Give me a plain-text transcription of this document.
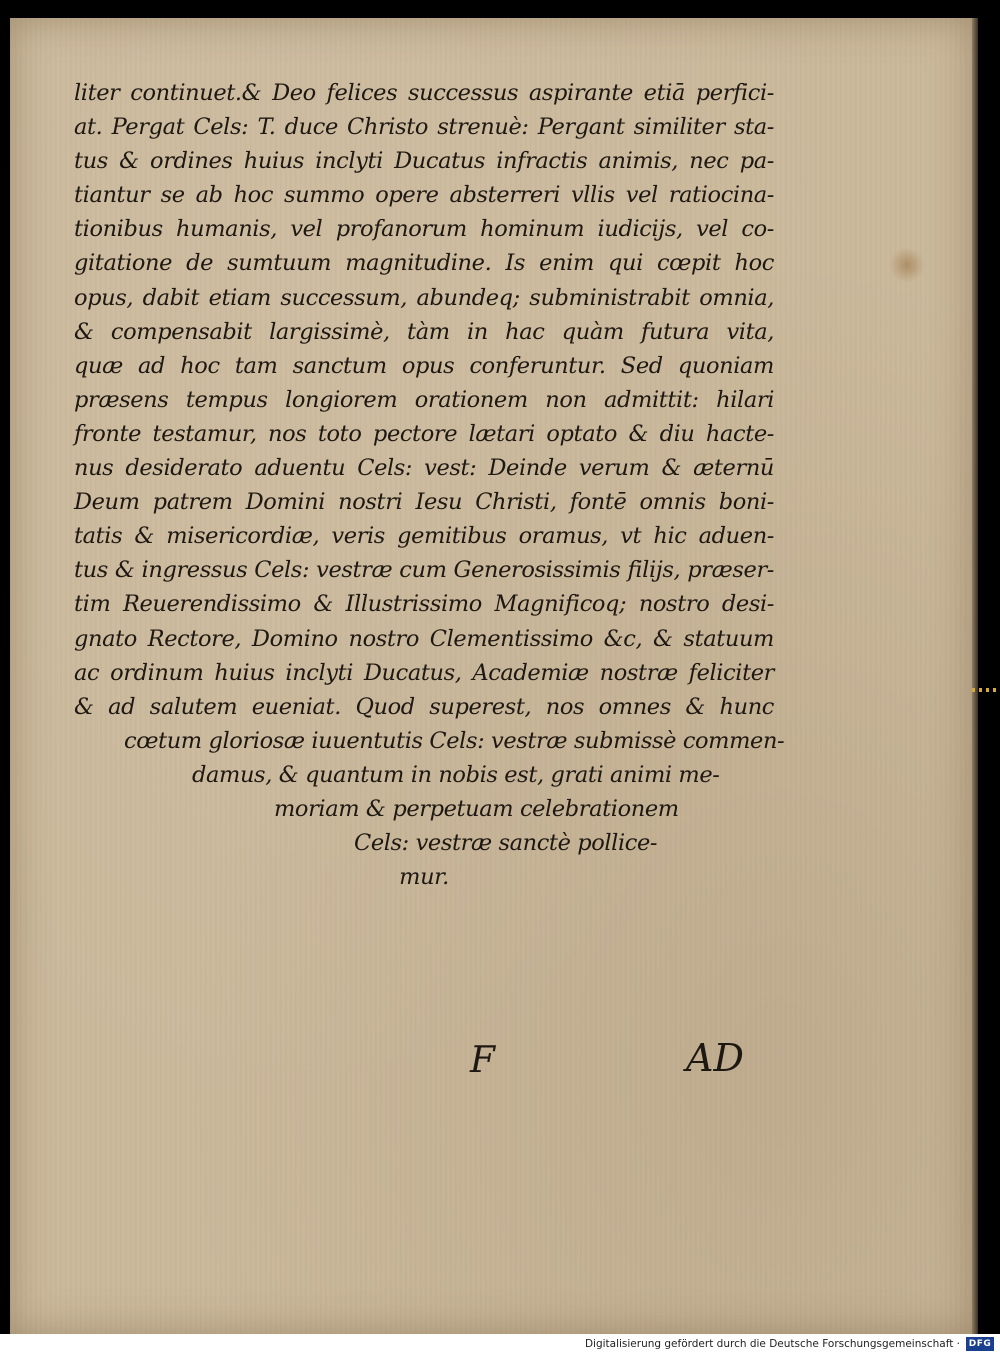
liter continuet.& Deo felices successus aspirante etiā perfici-
at. Pergat Cels: T. duce Christo strenuè: Pergant similiter sta-
tus & ordines huius inclyti Ducatus infractis animis, nec pa-
tiantur se ab hoc summo opere absterreri vllis vel ratiocina-
tionibus humanis, vel profanorum hominum iudicijs, vel co-
gitatione de sumtuum magnitudine. Is enim qui cœpit hoc
opus, dabit etiam successum, abundeq; subministrabit omnia,
& compensabit largissimè, tàm in hac quàm futura vita,
quæ ad hoc tam sanctum opus conferuntur. Sed quoniam
præsens tempus longiorem orationem non admittit: hilari
fronte testamur, nos toto pectore lætari optato & diu hacte-
nus desiderato aduentu Cels: vest: Deinde verum & æternū
Deum patrem Domini nostri Iesu Christi, fontē omnis boni-
tatis & misericordiæ, veris gemitibus oramus, vt hic aduen-
tus & ingressus Cels: vestræ cum Generosissimis filijs, præser-
tim Reuerendissimo & Illustrissimo Magnificoq; nostro desi-
gnato Rectore, Domino nostro Clementissimo &c, & statuum
ac ordinum huius inclyti Ducatus, Academiæ nostræ feliciter
& ad salutem eueniat. Quod superest, nos omnes & hunc
cœtum gloriosæ iuuentutis Cels: vestræ submissè commen-
damus, & quantum in nobis est, grati animi me-
moriam & perpetuam celebrationem
Cels: vestræ sanctè pollice-
mur.
F	AD
Digitalisierung gefördert durch die Deutsche Forschungsgemeinschaft · DFG
